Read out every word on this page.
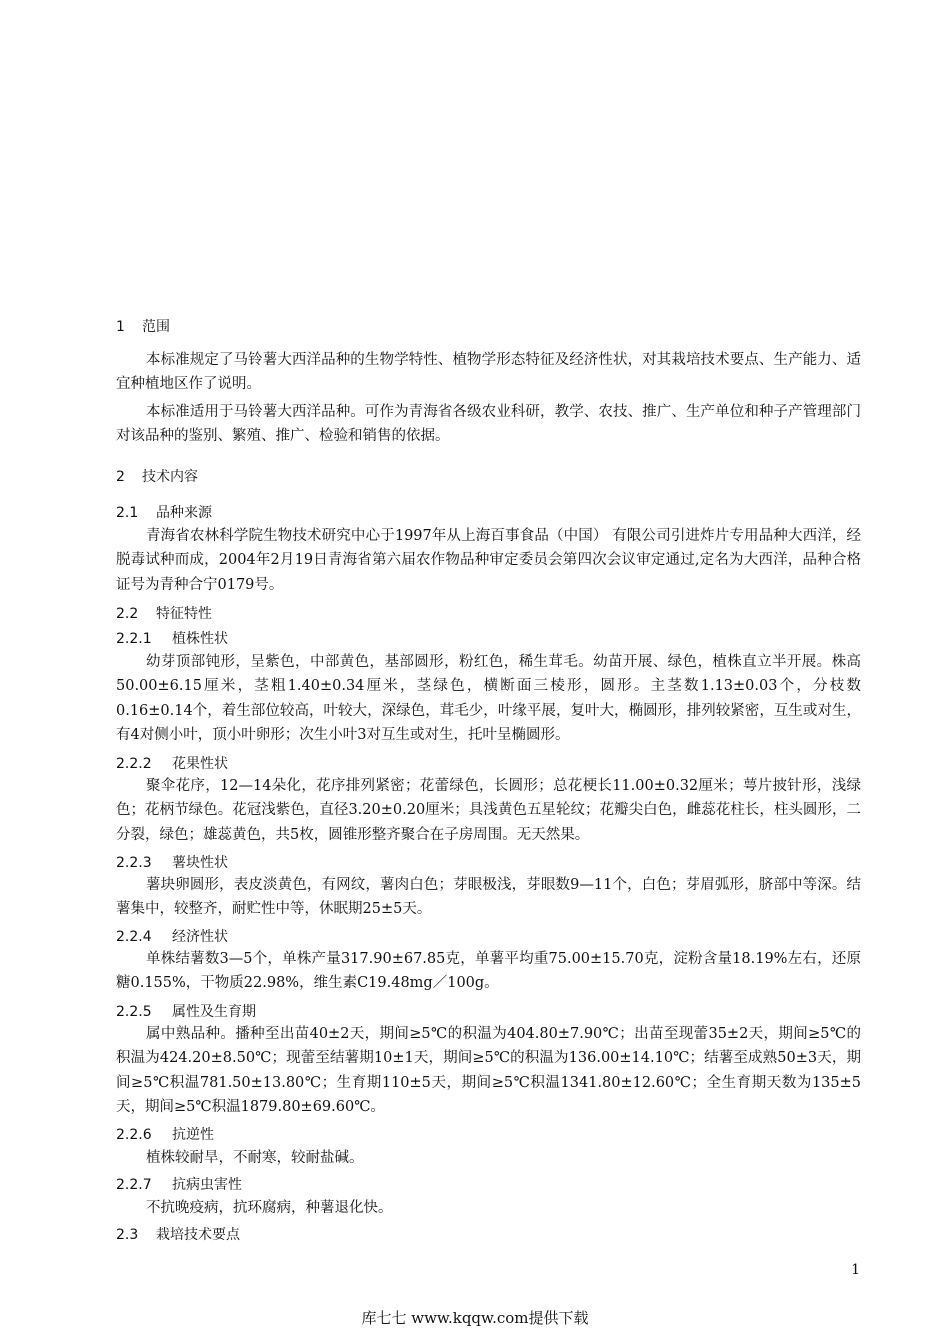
1 范围
本标准规定了马铃薯大西洋品种的生物学特性、植物学形态特征及经济性状，对其栽培技术要点、生产能力、适宜种植地区作了说明。
本标准适用于马铃薯大西洋品种。可作为青海省各级农业科研，教学、农技、推广、生产单位和种子产管理部门对该品种的鉴别、繁殖、推广、检验和销售的依据。
2 技术内容
2.1 品种来源
青海省农林科学院生物技术研究中心于1997年从上海百事食品（中国） 有限公司引进炸片专用品种大西洋，经脱毒试种而成，2004年2月19日青海省第六届农作物品种审定委员会第四次会议审定通过,定名为大西洋，品种合格证号为青种合宁0179号。
2.2 特征特性
2.2.1 植株性状
幼芽顶部钝形，呈紫色，中部黄色，基部圆形，粉红色，稀生茸毛。幼苗开展、绿色，植株直立半开展。株高50.00±6.15厘米，茎粗1.40±0.34厘米，茎绿色，横断面三棱形，圆形。主茎数1.13±0.03个，分枝数0.16±0.14个，着生部位较高，叶较大，深绿色，茸毛少，叶缘平展，复叶大，椭圆形，排列较紧密，互生或对生，有4对侧小叶，顶小叶卵形；次生小叶3对互生或对生，托叶呈椭圆形。
2.2.2 花果性状
聚伞花序，12—14朵化，花序排列紧密；花蕾绿色，长圆形；总花梗长11.00±0.32厘米；萼片披针形，浅绿色；花柄节绿色。花冠浅紫色，直径3.20±0.20厘米；具浅黄色五星轮纹；花瓣尖白色，雌蕊花柱长，柱头圆形，二分裂，绿色；雄蕊黄色，共5枚，圆锥形整齐聚合在子房周围。无天然果。
2.2.3 薯块性状
薯块卵圆形，表皮淡黄色，有网纹，薯肉白色；芽眼极浅，芽眼数9—11个，白色；芽眉弧形，脐部中等深。结薯集中，较整齐，耐贮性中等，休眠期25±5天。
2.2.4 经济性状
单株结薯数3—5个，单株产量317.90±67.85克，单薯平均重75.00±15.70克，淀粉含量18.19%左右，还原糖0.155%，干物质22.98%，维生素C19.48mg／100g。
2.2.5 属性及生育期
属中熟品种。播种至出苗40±2天，期间≥5℃的积温为404.80±7.90℃；出苗至现蕾35±2天，期间≥5℃的积温为424.20±8.50℃；现蕾至结薯期10±1天，期间≥5℃的积温为136.00±14.10℃；结薯至成熟50±3天，期间≥5℃积温781.50±13.80℃；生育期110±5天，期间≥5℃积温1341.80±12.60℃；全生育期天数为135±5天，期间≥5℃积温1879.80±69.60℃。
2.2.6 抗逆性
植株较耐旱，不耐寒，较耐盐碱。
2.2.7 抗病虫害性
不抗晚疫病，抗环腐病，种薯退化快。
2.3 栽培技术要点
1
库七七 www.kqqw.com提供下载
